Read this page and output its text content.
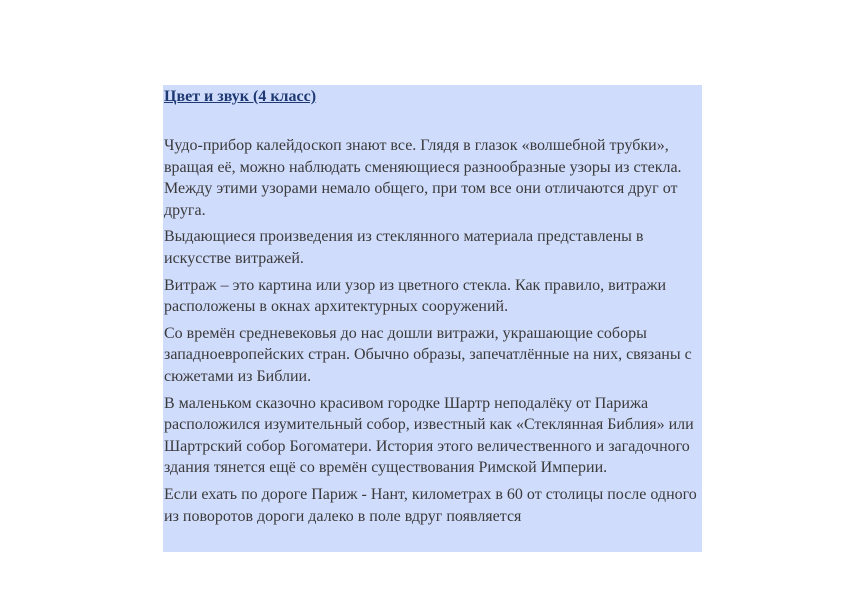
Цвет и звук (4 класс)

Чудо-прибор калейдоскоп знают все. Глядя в глазок «волшебной трубки», вращая её, можно наблюдать сменяющиеся разнообразные узоры из стекла. Между этими узорами немало общего, при том все они отличаются друг от друга.

Выдающиеся произведения из стеклянного материала представлены в искусстве витражей.

Витраж – это картина или узор из цветного стекла. Как правило, витражи расположены в окнах архитектурных сооружений.

Со времён средневековья до нас дошли витражи, украшающие соборы западноевропейских стран. Обычно образы, запечатлённые на них, связаны с сюжетами из Библии.

В маленьком сказочно красивом городке Шартр неподалёку от Парижа расположился изумительный собор, известный как «Стеклянная Библия» или Шартрский собор Богоматери. История этого величественного и загадочного здания тянется ещё со времён существования Римской Империи.

Если ехать по дороге Париж - Нант, километрах в 60 от столицы после одного из поворотов дороги далеко в поле вдруг появляется
